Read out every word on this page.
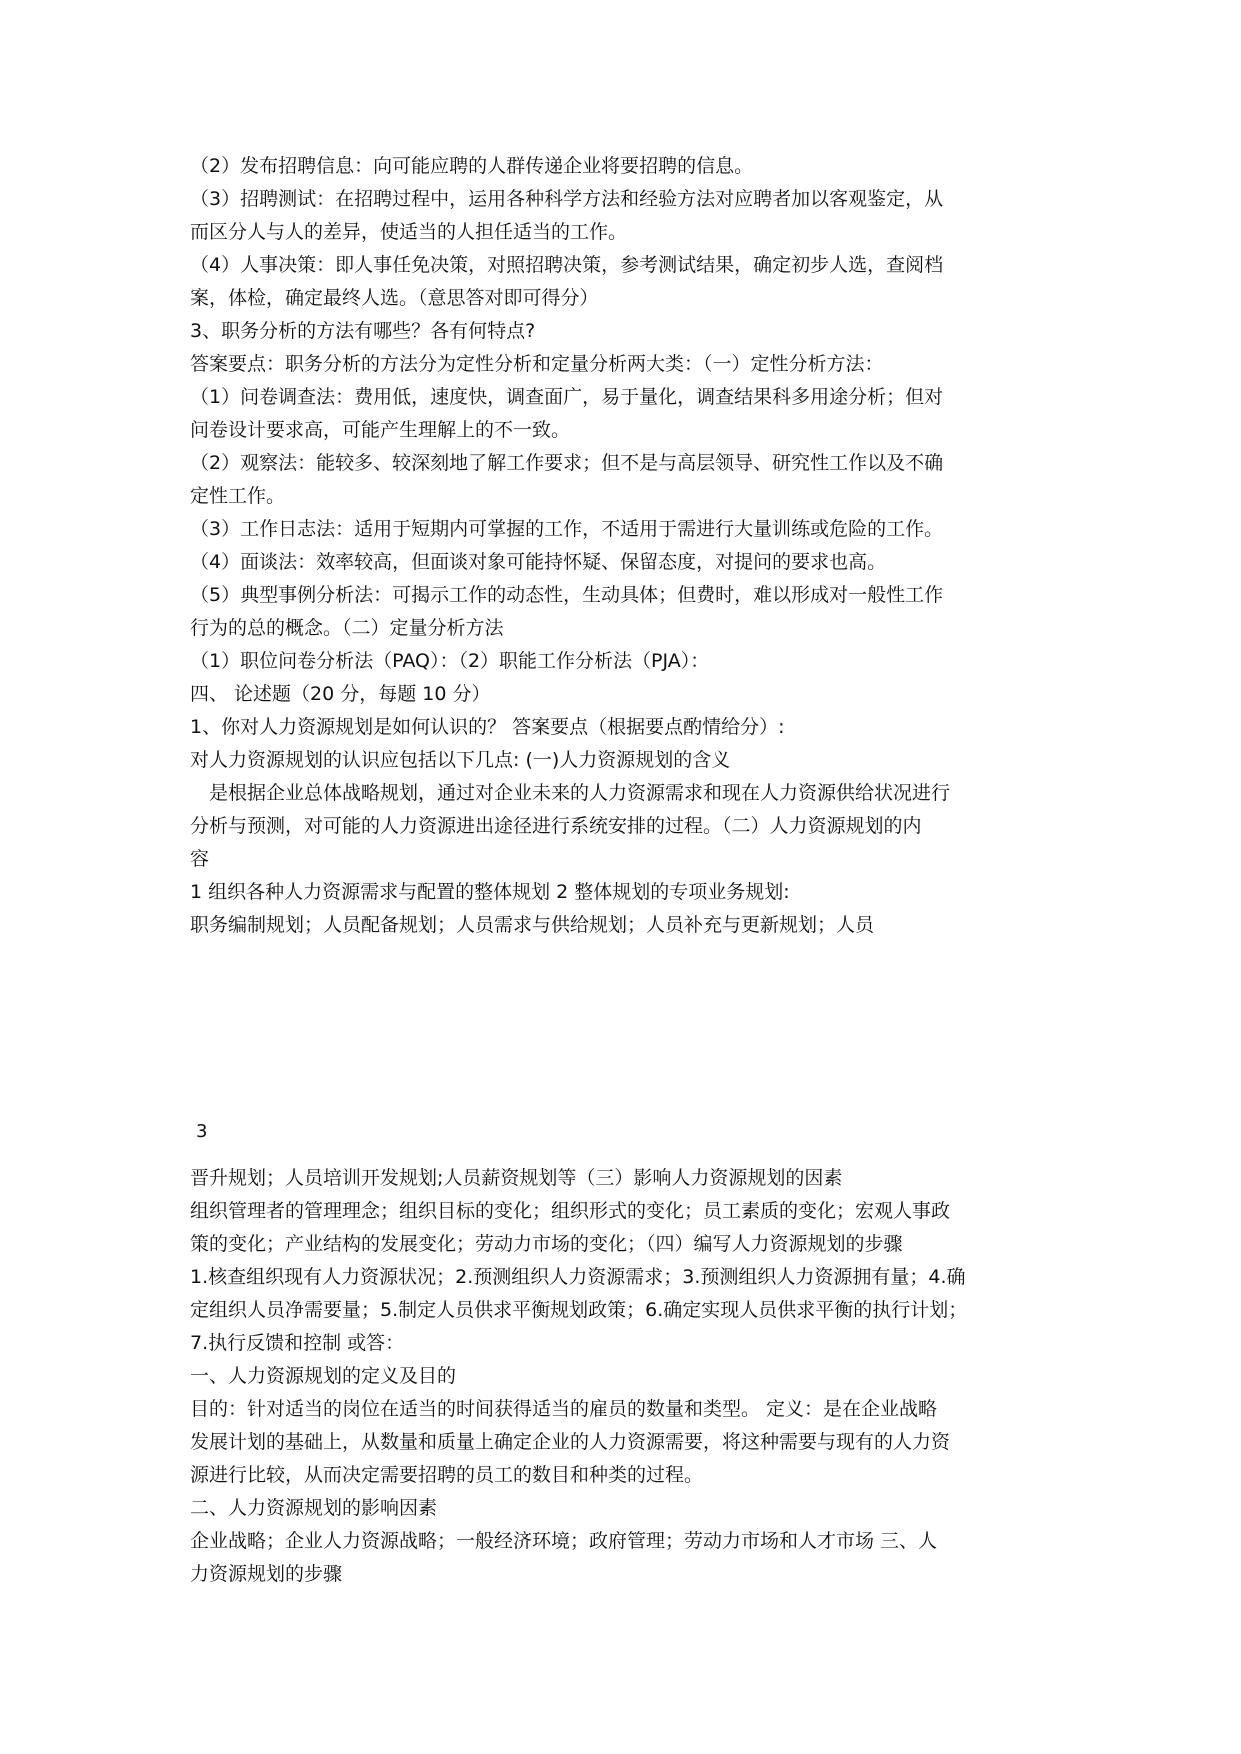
（2）发布招聘信息：向可能应聘的人群传递企业将要招聘的信息。
（3）招聘测试：在招聘过程中，运用各种科学方法和经验方法对应聘者加以客观鉴定，从
而区分人与人的差异，使适当的人担任适当的工作。
（4）人事决策：即人事任免决策，对照招聘决策，参考测试结果，确定初步人选，查阅档
案，体检，确定最终人选。（意思答对即可得分）
3、职务分析的方法有哪些？各有何特点?
答案要点：职务分析的方法分为定性分析和定量分析两大类：（一）定性分析方法：
（1）问卷调查法：费用低，速度快，调查面广，易于量化，调查结果科多用途分析；但对
问卷设计要求高，可能产生理解上的不一致。
（2）观察法：能较多、较深刻地了解工作要求；但不是与高层领导、研究性工作以及不确
定性工作。
（3）工作日志法：适用于短期内可掌握的工作，不适用于需进行大量训练或危险的工作。
（4）面谈法：效率较高，但面谈对象可能持怀疑、保留态度，对提问的要求也高。
（5）典型事例分析法：可揭示工作的动态性，生动具体；但费时，难以形成对一般性工作
行为的总的概念。（二）定量分析方法
（1）职位问卷分析法（PAQ）：（2）职能工作分析法（PJA）：
四、 论述题（20 分，每题 10 分）
1、你对人力资源规划是如何认识的？ 答案要点（根据要点酌情给分）:
对人力资源规划的认识应包括以下几点: (一)人力资源规划的含义
　是根据企业总体战略规划，通过对企业未来的人力资源需求和现在人力资源供给状况进行
分析与预测，对可能的人力资源进出途径进行系统安排的过程。（二）人力资源规划的内
容
1 组织各种人力资源需求与配置的整体规划 2 整体规划的专项业务规划:
职务编制规划；人员配备规划；人员需求与供给规划；人员补充与更新规划；人员
3
晋升规划；人员培训开发规划;人员薪资规划等（三）影响人力资源规划的因素
组织管理者的管理理念；组织目标的变化；组织形式的变化；员工素质的变化；宏观人事政
策的变化；产业结构的发展变化；劳动力市场的变化；（四）编写人力资源规划的步骤
1.核查组织现有人力资源状况；2.预测组织人力资源需求；3.预测组织人力资源拥有量；4.确
定组织人员净需要量；5.制定人员供求平衡规划政策；6.确定实现人员供求平衡的执行计划；
7.执行反馈和控制 或答：
一、人力资源规划的定义及目的
目的：针对适当的岗位在适当的时间获得适当的雇员的数量和类型。 定义：是在企业战略
发展计划的基础上，从数量和质量上确定企业的人力资源需要，将这种需要与现有的人力资
源进行比较，从而决定需要招聘的员工的数目和种类的过程。
二、人力资源规划的影响因素
企业战略；企业人力资源战略；一般经济环境；政府管理；劳动力市场和人才市场 三、人
力资源规划的步骤
